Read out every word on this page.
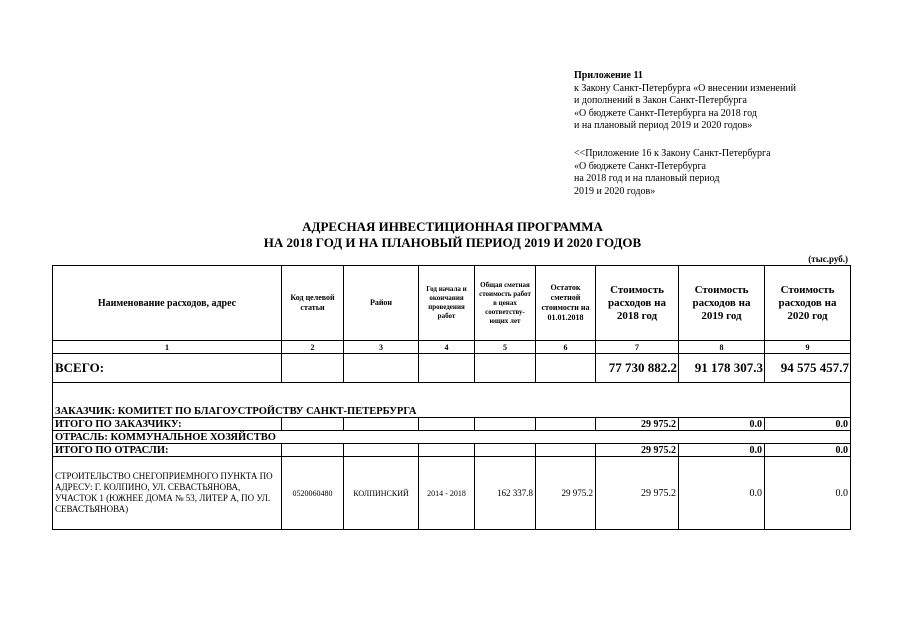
Приложение 11
к Закону Санкт-Петербурга «О внесении изменений
и дополнений в Закон Санкт-Петербурга
«О бюджете Санкт-Петербурга на 2018 год
и на плановый период 2019 и 2020 годов»
<<Приложение 16 к Закону Санкт-Петербурга
«О бюджете Санкт-Петербурга
на 2018 год и на плановый период
2019 и 2020 годов»
АДРЕСНАЯ ИНВЕСТИЦИОННАЯ ПРОГРАММА
НА 2018 ГОД И НА ПЛАНОВЫЙ ПЕРИОД 2019 И 2020 ГОДОВ
(тыс.руб.)
Наименование расходов, адрес	Код целевой статьи	Район	Год начала и окончания проведения работ	Общая сметная стоимость работ в ценах соответству-ющих лет	Остаток сметной стоимости на 01.01.2018	Стоимость расходов на 2018 год	Стоимость расходов на 2019 год	Стоимость расходов на 2020 год
1	2	3	4	5	6	7	8	9
ВСЕГО:						77 730 882.2	91 178 307.3	94 575 457.7

ЗАКАЗЧИК: КОМИТЕТ ПО БЛАГОУСТРОЙСТВУ САНКТ-ПЕТЕРБУРГА								
ИТОГО ПО ЗАКАЗЧИКУ:						29 975.2	0.0	0.0
ОТРАСЛЬ: КОММУНАЛЬНОЕ ХОЗЯЙСТВО								
ИТОГО ПО ОТРАСЛИ:						29 975.2	0.0	0.0
СТРОИТЕЛЬСТВО СНЕГОПРИЕМНОГО ПУНКТА ПО АДРЕСУ: Г. КОЛПИНО, УЛ. СЕВАСТЬЯНОВА, УЧАСТОК 1 (ЮЖНЕЕ ДОМА № 53, ЛИТЕР А, ПО УЛ. СЕВАСТЬЯНОВА)	0520060480	КОЛПИНСКИЙ	2014 - 2018	162 337.8	29 975.2	29 975.2	0.0	0.0
